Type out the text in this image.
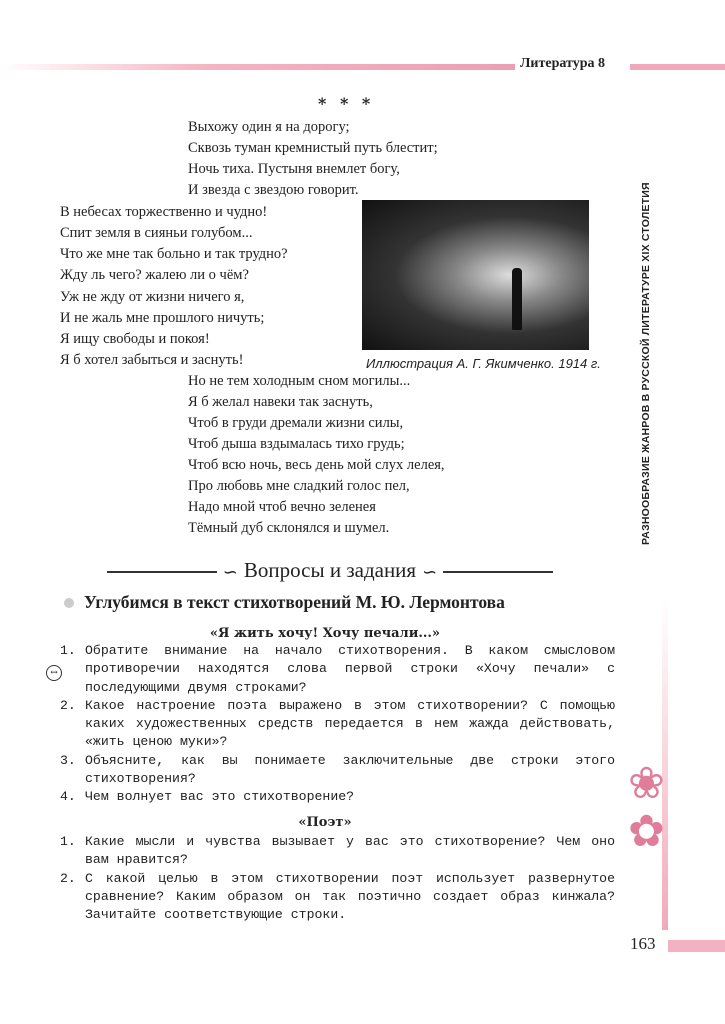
Литература 8
* * *
Выхожу один я на дорогу;
Сквозь туман кремнистый путь блестит;
Ночь тиха. Пустыня внемлет богу,
И звезда с звездою говорит.
В небесах торжественно и чудно!
Спит земля в сияньи голубом...
Что же мне так больно и так трудно?
Жду ль чего? жалею ли о чём?
Уж не жду от жизни ничего я,
И не жаль мне прошлого ничуть;
Я ищу свободы и покоя!
Я б хотел забыться и заснуть!
Но не тем холодным сном могилы...
Я б желал навеки так заснуть,
Чтоб в груди дремали жизни силы,
Чтоб дыша вздымалась тихо грудь;
Чтоб всю ночь, весь день мой слух лелея,
Про любовь мне сладкий голос пел,
Надо мной чтоб вечно зеленея
Тёмный дуб склонялся и шумел.
Иллюстрация А. Г. Якимченко. 1914 г.
∽ Вопросы и задания ∽
Углубимся в текст стихотворений М. Ю. Лермонтова
«Я жить хочу! Хочу печали...»
↔
1. Обратите внимание на начало стихотворения. В каком смысловом противоречии находятся слова первой строки «Хочу печали» с последующими двумя строками?
2. Какое настроение поэта выражено в этом стихотворении? С помощью каких художественных средств передается в нем жажда действовать, «жить ценою муки»?
3. Объясните, как вы понимаете заключительные две строки этого стихотворения?
4. Чем волнует вас это стихотворение?
«Поэт»
1. Какие мысли и чувства вызывает у вас это стихотворение? Чем оно вам нравится?
2. С какой целью в этом стихотворении поэт использует развернутое сравнение? Каким образом он так поэтично создает образ кинжала? Зачитайте соответствующие строки.
РАЗНООБРАЗИЕ ЖАНРОВ В РУССКОЙ ЛИТЕРАТУРЕ XIX СТОЛЕТИЯ
❀
✿
163
